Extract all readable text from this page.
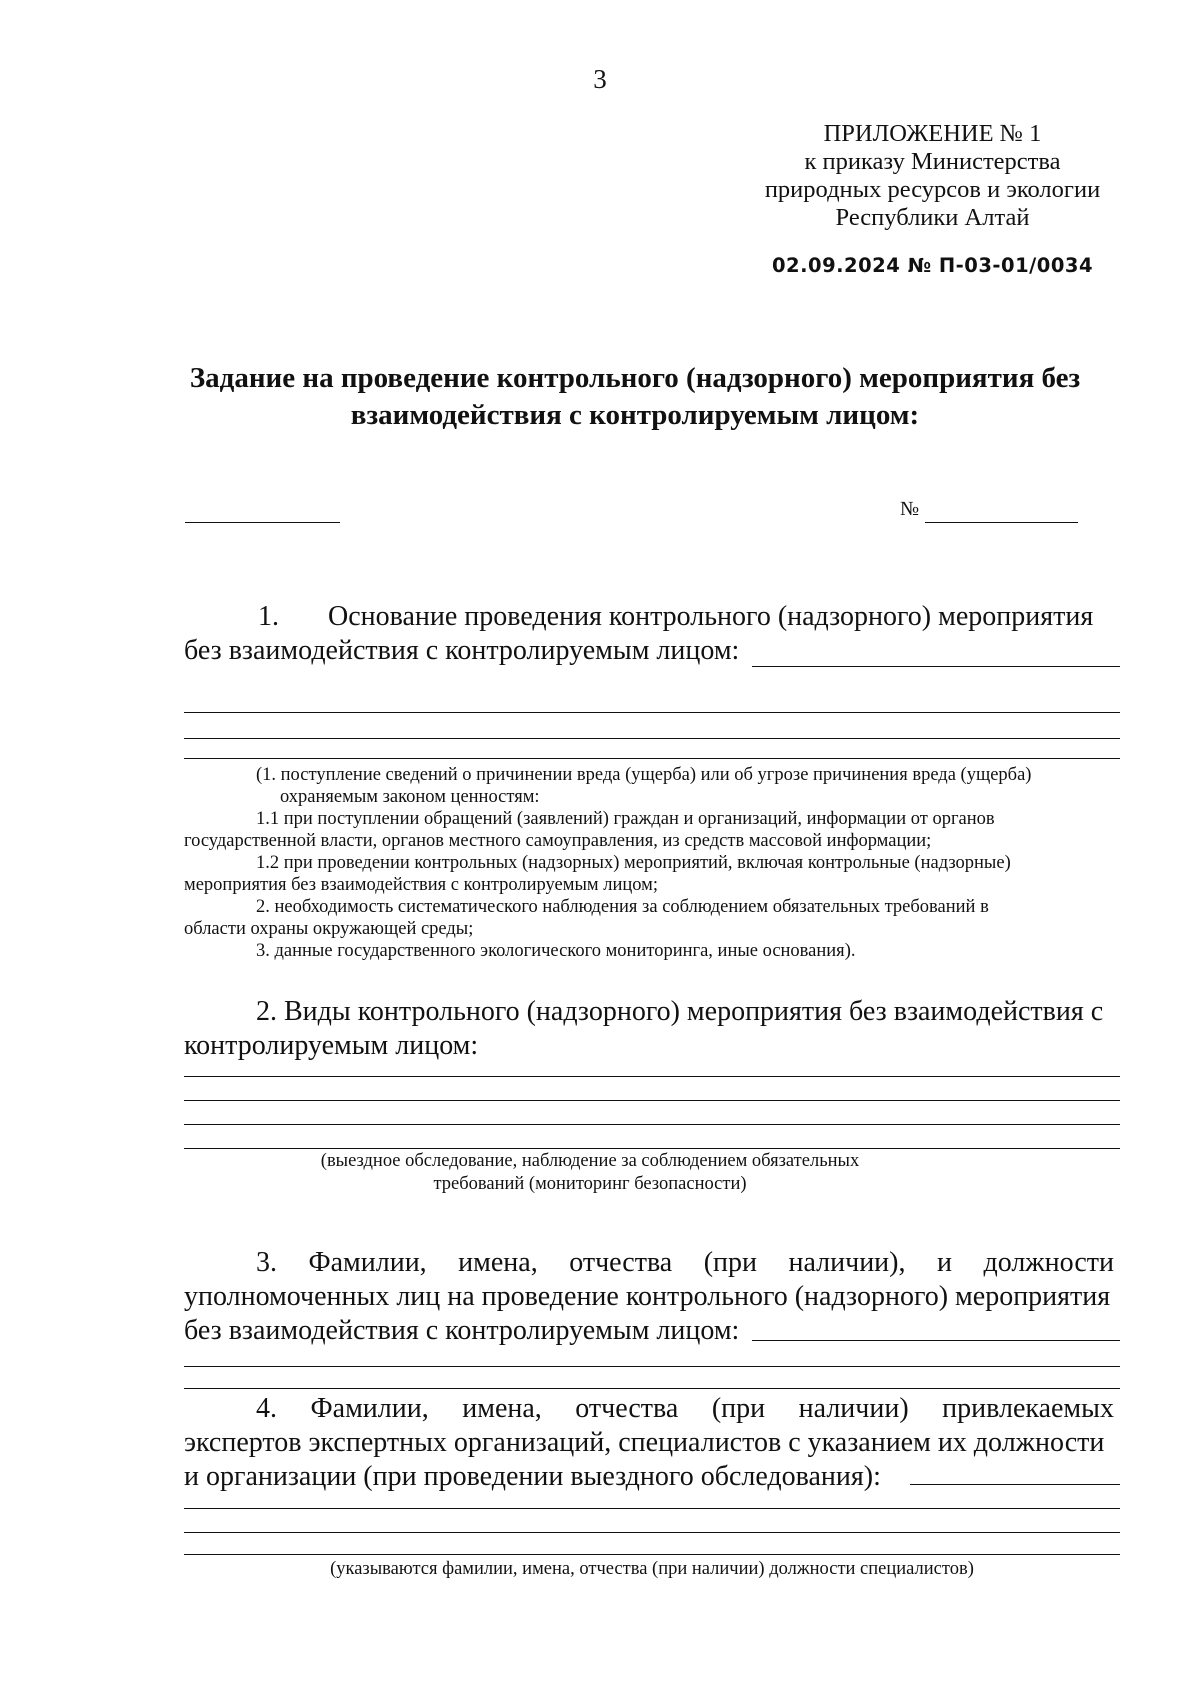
3
ПРИЛОЖЕНИЕ № 1
к приказу Министерства
природных ресурсов и экологии
Республики Алтай
02.09.2024 № П-03-01/0034
Задание на проведение контрольного (надзорного) мероприятия без
взаимодействия с контролируемым лицом:
№
1. Основание проведения контрольного (надзорного) мероприятия
без взаимодействия с контролируемым лицом:
(1. поступление сведений о причинении вреда (ущерба) или об угрозе причинения вреда (ущерба)
охраняемым законом ценностям:
1.1 при поступлении обращений (заявлений) граждан и организаций, информации от органов
государственной власти, органов местного самоуправления, из средств массовой информации;
1.2 при проведении контрольных (надзорных) мероприятий, включая контрольные (надзорные)
мероприятия без взаимодействия с контролируемым лицом;
2. необходимость систематического наблюдения за соблюдением обязательных требований в
области охраны окружающей среды;
3. данные государственного экологического мониторинга, иные основания).
2. Виды контрольного (надзорного) мероприятия без взаимодействия с
контролируемым лицом:
(выездное обследование, наблюдение за соблюдением обязательных
требований (мониторинг безопасности)
3. Фамилии, имена, отчества (при наличии), и должности
уполномоченных лиц на проведение контрольного (надзорного) мероприятия
без взаимодействия с контролируемым лицом:
4. Фамилии, имена, отчества (при наличии) привлекаемых
экспертов экспертных организаций, специалистов с указанием их должности
и организации (при проведении выездного обследования):
(указываются фамилии, имена, отчества (при наличии) должности специалистов)
